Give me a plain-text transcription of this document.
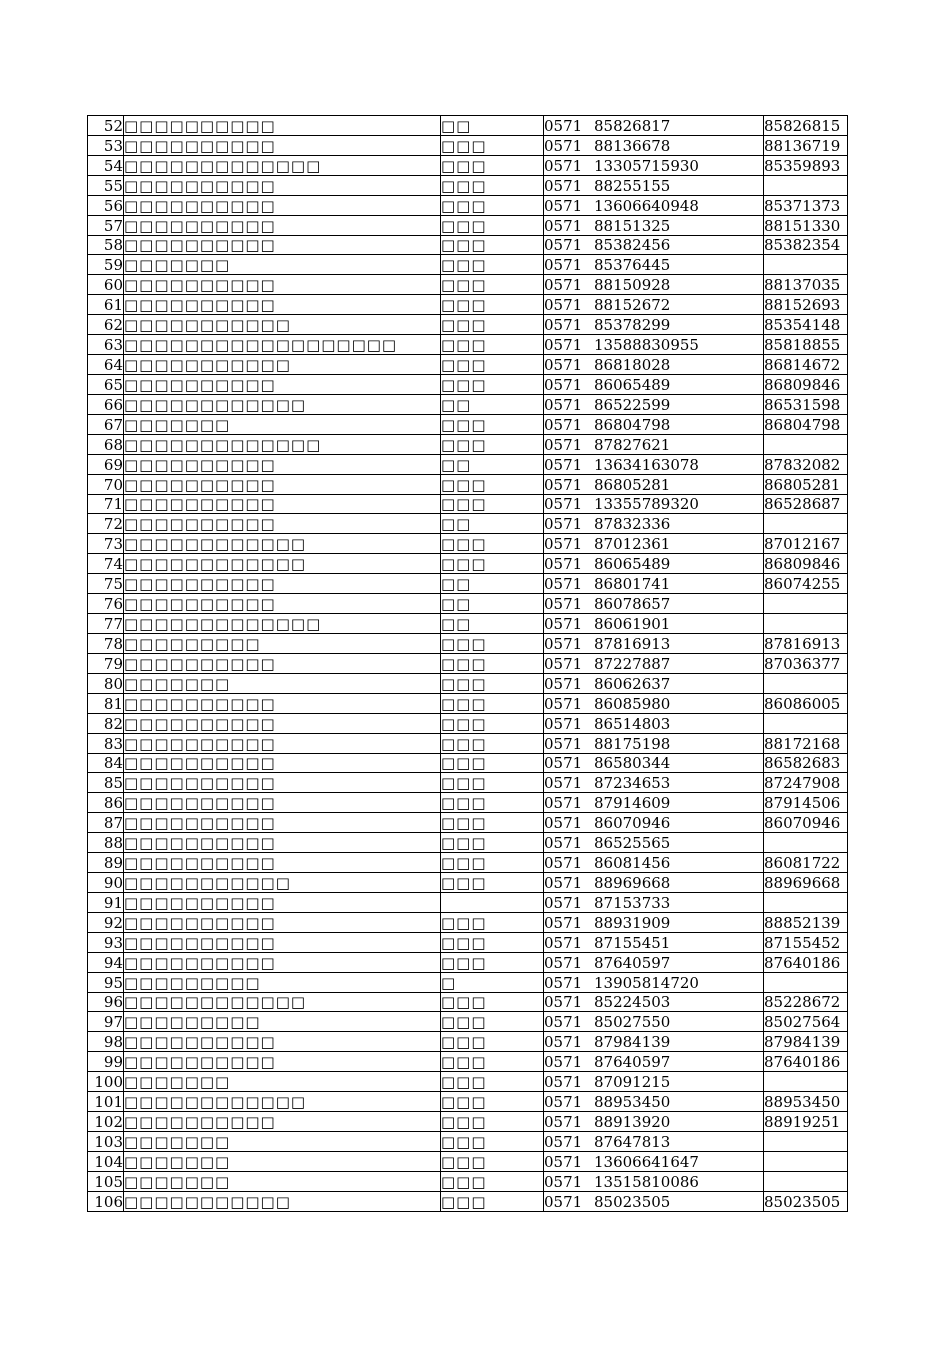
52	□□□□□□□□□□	□□	0571 85826817	85826815
53	□□□□□□□□□□	□□□	0571 88136678	88136719
54	□□□□□□□□□□□□□	□□□	0571 13305715930	85359893
55	□□□□□□□□□□	□□□	0571 88255155	
56	□□□□□□□□□□	□□□	0571 13606640948	85371373
57	□□□□□□□□□□	□□□	0571 88151325	88151330
58	□□□□□□□□□□	□□□	0571 85382456	85382354
59	□□□□□□□	□□□	0571 85376445	
60	□□□□□□□□□□	□□□	0571 88150928	88137035
61	□□□□□□□□□□	□□□	0571 88152672	88152693
62	□□□□□□□□□□□	□□□	0571 85378299	85354148
63	□□□□□□□□□□□□□□□□□□	□□□	0571 13588830955	85818855
64	□□□□□□□□□□□	□□□	0571 86818028	86814672
65	□□□□□□□□□□	□□□	0571 86065489	86809846
66	□□□□□□□□□□□□	□□	0571 86522599	86531598
67	□□□□□□□	□□□	0571 86804798	86804798
68	□□□□□□□□□□□□□	□□□	0571 87827621	
69	□□□□□□□□□□	□□	0571 13634163078	87832082
70	□□□□□□□□□□	□□□	0571 86805281	86805281
71	□□□□□□□□□□	□□□	0571 13355789320	86528687
72	□□□□□□□□□□	□□	0571 87832336	
73	□□□□□□□□□□□□	□□□	0571 87012361	87012167
74	□□□□□□□□□□□□	□□□	0571 86065489	86809846
75	□□□□□□□□□□	□□	0571 86801741	86074255
76	□□□□□□□□□□	□□	0571 86078657	
77	□□□□□□□□□□□□□	□□	0571 86061901	
78	□□□□□□□□□	□□□	0571 87816913	87816913
79	□□□□□□□□□□	□□□	0571 87227887	87036377
80	□□□□□□□	□□□	0571 86062637	
81	□□□□□□□□□□	□□□	0571 86085980	86086005
82	□□□□□□□□□□	□□□	0571 86514803	
83	□□□□□□□□□□	□□□	0571 88175198	88172168
84	□□□□□□□□□□	□□□	0571 86580344	86582683
85	□□□□□□□□□□	□□□	0571 87234653	87247908
86	□□□□□□□□□□	□□□	0571 87914609	87914506
87	□□□□□□□□□□	□□□	0571 86070946	86070946
88	□□□□□□□□□□	□□□	0571 86525565	
89	□□□□□□□□□□	□□□	0571 86081456	86081722
90	□□□□□□□□□□□	□□□	0571 88969668	88969668
91	□□□□□□□□□□		0571 87153733	
92	□□□□□□□□□□	□□□	0571 88931909	88852139
93	□□□□□□□□□□	□□□	0571 87155451	87155452
94	□□□□□□□□□□	□□□	0571 87640597	87640186
95	□□□□□□□□□	□	0571 13905814720	
96	□□□□□□□□□□□□	□□□	0571 85224503	85228672
97	□□□□□□□□□	□□□	0571 85027550	85027564
98	□□□□□□□□□□	□□□	0571 87984139	87984139
99	□□□□□□□□□□	□□□	0571 87640597	87640186
100	□□□□□□□	□□□	0571 87091215	
101	□□□□□□□□□□□□	□□□	0571 88953450	88953450
102	□□□□□□□□□□	□□□	0571 88913920	88919251
103	□□□□□□□	□□□	0571 87647813	
104	□□□□□□□	□□□	0571 13606641647	
105	□□□□□□□	□□□	0571 13515810086	
106	□□□□□□□□□□□	□□□	0571 85023505	85023505
